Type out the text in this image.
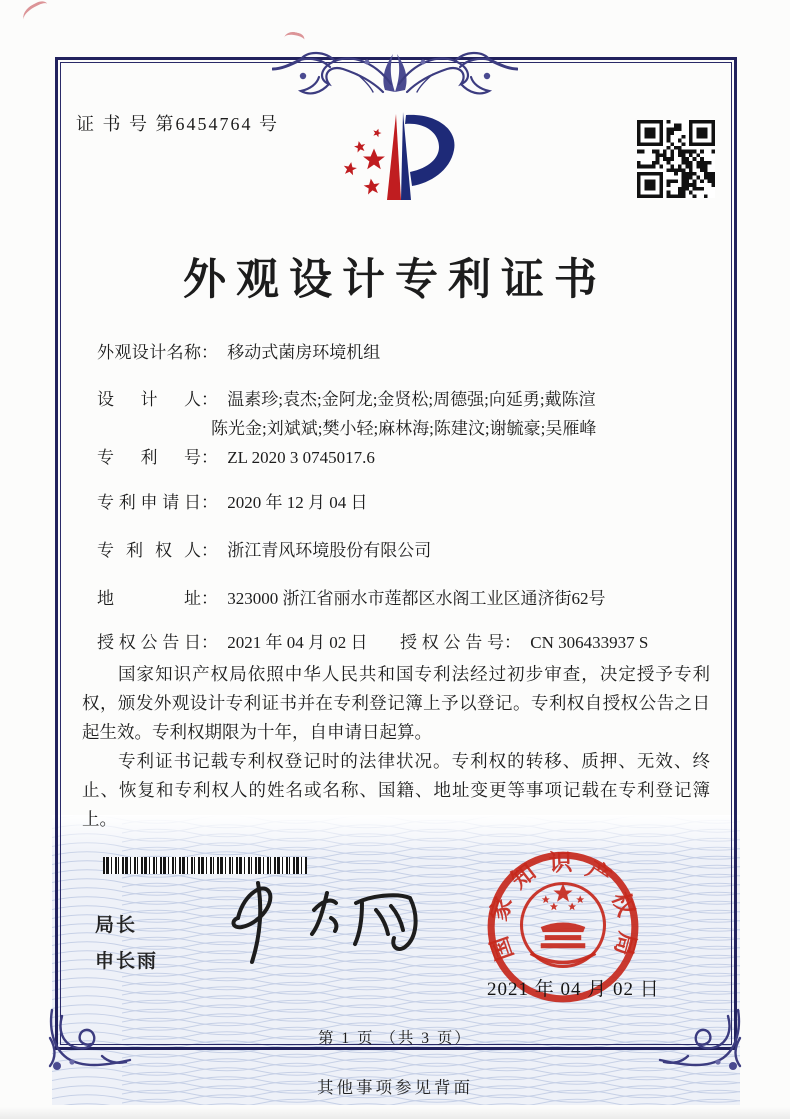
证 书 号 第6454764 号
外观设计专利证书
外观设计名称： 移动式菌房环境机组
设计人： 温素珍;袁杰;金阿龙;金贤松;周德强;向延勇;戴陈渲
陈光金;刘斌斌;樊小轻;麻林海;陈建汶;谢毓豪;吴雁峰
专利号： ZL 2020 3 0745017.6
专利申请日： 2020 年 12 月 04 日
专利权人： 浙江青风环境股份有限公司
地址： 323000 浙江省丽水市莲都区水阁工业区通济街62号
授权公告日： 2021 年 04 月 02 日 授权公告号： CN 306433937 S

国家知识产权局依照中华人民共和国专利法经过初步审查，决定授予专利权，颁发外观设计专利证书并在专利登记簿上予以登记。专利权自授权公告之日起生效。专利权期限为十年，自申请日起算。

专利证书记载专利权登记时的法律状况。专利权的转移、质押、无效、终止、恢复和专利权人的姓名或名称、国籍、地址变更等事项记载在专利登记簿上。

局长
申长雨	国家知识产权局
2021 年 04 月 02 日
第 1 页 （共 3 页）
其他事项参见背面
